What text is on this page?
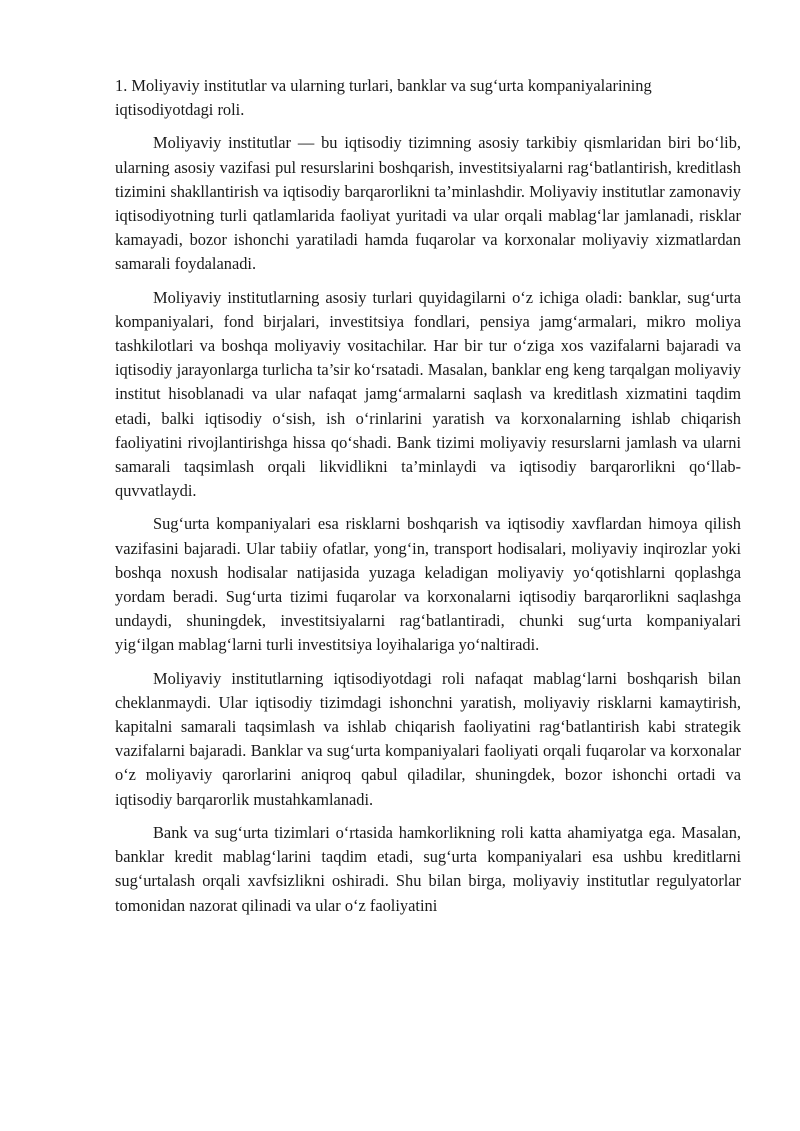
1. Moliyaviy institutlar va ularning turlari, banklar va sug‘urta kompaniyalarining iqtisodiyotdagi roli.

Moliyaviy institutlar — bu iqtisodiy tizimning asosiy tarkibiy qismlaridan biri bo‘lib, ularning asosiy vazifasi pul resurslarini boshqarish, investitsiyalarni rag‘batlantirish, kreditlash tizimini shakllantirish va iqtisodiy barqarorlikni ta’minlashdir. Moliyaviy institutlar zamonaviy iqtisodiyotning turli qatlamlarida faoliyat yuritadi va ular orqali mablag‘lar jamlanadi, risklar kamayadi, bozor ishonchi yaratiladi hamda fuqarolar va korxonalar moliyaviy xizmatlardan samarali foydalanadi.

Moliyaviy institutlarning asosiy turlari quyidagilarni o‘z ichiga oladi: banklar, sug‘urta kompaniyalari, fond birjalari, investitsiya fondlari, pensiya jamg‘armalari, mikro moliya tashkilotlari va boshqa moliyaviy vositachilar. Har bir tur o‘ziga xos vazifalarni bajaradi va iqtisodiy jarayonlarga turlicha ta’sir ko‘rsatadi. Masalan, banklar eng keng tarqalgan moliyaviy institut hisoblanadi va ular nafaqat jamg‘armalarni saqlash va kreditlash xizmatini taqdim etadi, balki iqtisodiy o‘sish, ish o‘rinlarini yaratish va korxonalarning ishlab chiqarish faoliyatini rivojlantirishga hissa qo‘shadi. Bank tizimi moliyaviy resurslarni jamlash va ularni samarali taqsimlash orqali likvidlikni ta’minlaydi va iqtisodiy barqarorlikni qo‘llab-quvvatlaydi.

Sug‘urta kompaniyalari esa risklarni boshqarish va iqtisodiy xavflardan himoya qilish vazifasini bajaradi. Ular tabiiy ofatlar, yong‘in, transport hodisalari, moliyaviy inqirozlar yoki boshqa noxush hodisalar natijasida yuzaga keladigan moliyaviy yo‘qotishlarni qoplashga yordam beradi. Sug‘urta tizimi fuqarolar va korxonalarni iqtisodiy barqarorlikni saqlashga undaydi, shuningdek, investitsiyalarni rag‘batlantiradi, chunki sug‘urta kompaniyalari yig‘ilgan mablag‘larni turli investitsiya loyihalariga yo‘naltiradi.

Moliyaviy institutlarning iqtisodiyotdagi roli nafaqat mablag‘larni boshqarish bilan cheklanmaydi. Ular iqtisodiy tizimdagi ishonchni yaratish, moliyaviy risklarni kamaytirish, kapitalni samarali taqsimlash va ishlab chiqarish faoliyatini rag‘batlantirish kabi strategik vazifalarni bajaradi. Banklar va sug‘urta kompaniyalari faoliyati orqali fuqarolar va korxonalar o‘z moliyaviy qarorlarini aniqroq qabul qiladilar, shuningdek, bozor ishonchi ortadi va iqtisodiy barqarorlik mustahkamlanadi.

Bank va sug‘urta tizimlari o‘rtasida hamkorlikning roli katta ahamiyatga ega. Masalan, banklar kredit mablag‘larini taqdim etadi, sug‘urta kompaniyalari esa ushbu kreditlarni sug‘urtalash orqali xavfsizlikni oshiradi. Shu bilan birga, moliyaviy institutlar regulyatorlar tomonidan nazorat qilinadi va ular o‘z faoliyatini
